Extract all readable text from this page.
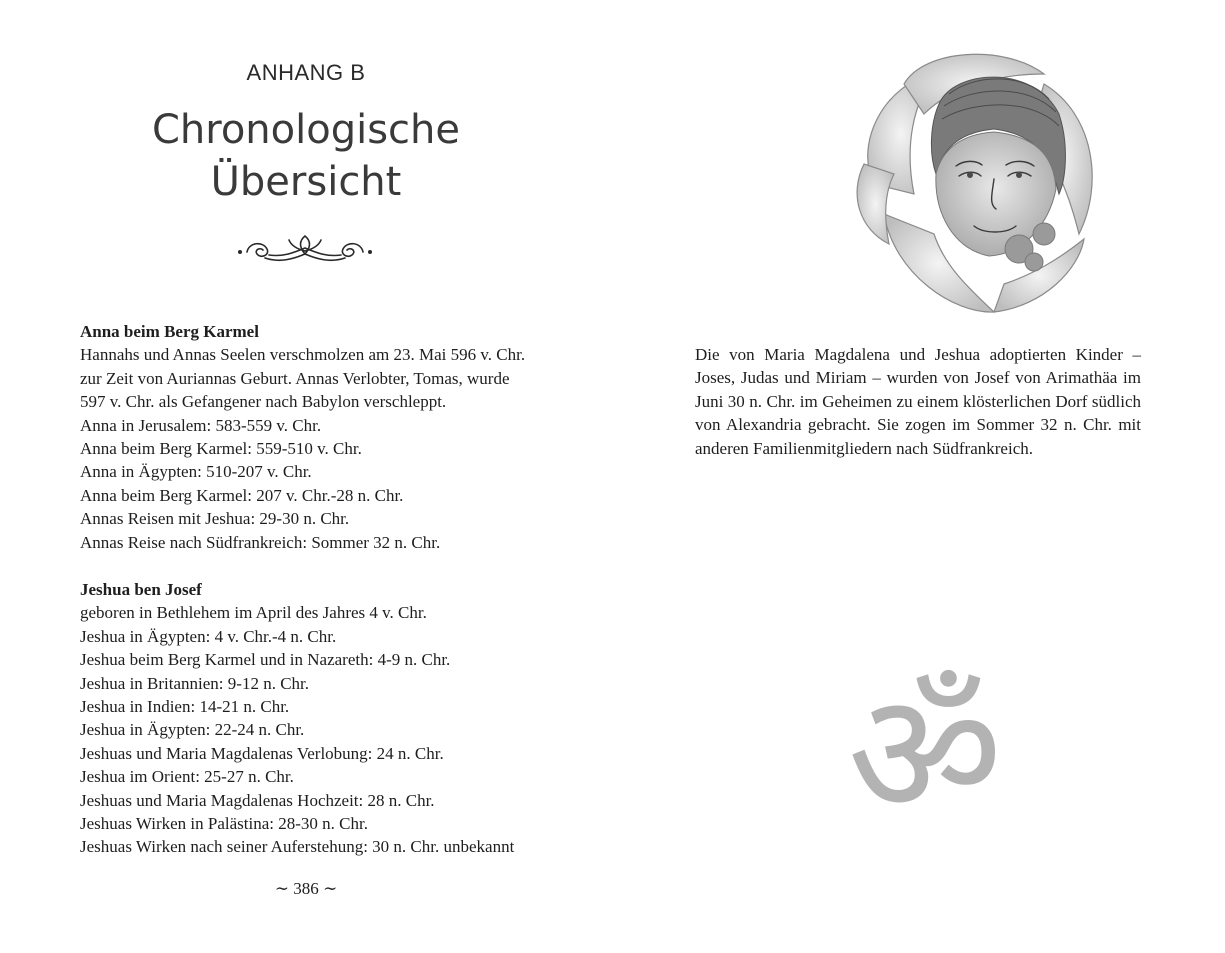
ANHANG B
Chronologische
Übersicht
Anna beim Berg Karmel
Hannahs und Annas Seelen verschmolzen am 23. Mai 596 v. Chr.
zur Zeit von Auriannas Geburt. Annas Verlobter, Tomas, wurde
597 v. Chr. als Gefangener nach Babylon verschleppt.
Anna in Jerusalem: 583-559 v. Chr.
Anna beim Berg Karmel: 559-510 v. Chr.
Anna in Ägypten: 510-207 v. Chr.
Anna beim Berg Karmel: 207 v. Chr.-28 n. Chr.
Annas Reisen mit Jeshua: 29-30 n. Chr.
Annas Reise nach Südfrankreich: Sommer 32 n. Chr.
Jeshua ben Josef
geboren in Bethlehem im April des Jahres 4 v. Chr.
Jeshua in Ägypten: 4 v. Chr.-4 n. Chr.
Jeshua beim Berg Karmel und in Nazareth: 4-9 n. Chr.
Jeshua in Britannien: 9-12 n. Chr.
Jeshua in Indien: 14-21 n. Chr.
Jeshua in Ägypten: 22-24 n. Chr.
Jeshuas und Maria Magdalenas Verlobung: 24 n. Chr.
Jeshua im Orient: 25-27 n. Chr.
Jeshuas und Maria Magdalenas Hochzeit: 28 n. Chr.
Jeshuas Wirken in Palästina: 28-30 n. Chr.
Jeshuas Wirken nach seiner Auferstehung: 30 n. Chr. unbekannt
∼ 386 ∼
Die von Maria Magdalena und Jeshua adoptierten Kinder – Joses, Judas und Miriam – wurden von Josef von Arimathäa im Juni 30 n. Chr. im Geheimen zu einem klösterlichen Dorf südlich von Alexandria gebracht. Sie zogen im Sommer 32 n. Chr. mit anderen Familienmitgliedern nach Südfrankreich.
ॐ
